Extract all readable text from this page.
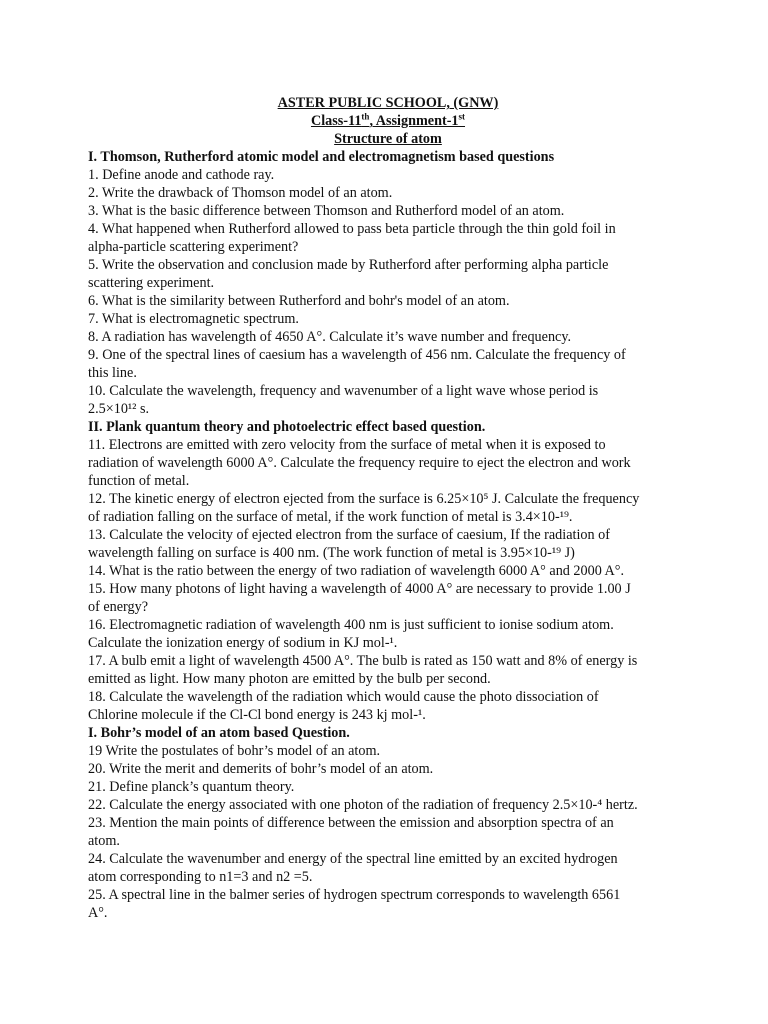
ASTER PUBLIC SCHOOL, (GNW)
Class-11th, Assignment-1st
Structure of atom
I. Thomson, Rutherford atomic model and electromagnetism based questions
1. Define anode and cathode ray.
2. Write the drawback of Thomson model of an atom.
3. What is the basic difference between Thomson and Rutherford model of an atom.
4. What happened when Rutherford allowed to pass beta particle through the thin gold foil in
alpha-particle scattering experiment?
5. Write the observation and conclusion made by Rutherford after performing alpha particle
scattering experiment.
6. What is the similarity between Rutherford and bohr's model of an atom.
7. What is electromagnetic spectrum.
8. A radiation has wavelength of 4650 A°. Calculate it’s wave number and frequency.
9. One of the spectral lines of caesium has a wavelength of 456 nm. Calculate the frequency of
this line.
10. Calculate the wavelength, frequency and wavenumber of a light wave whose period is
2.5×10¹² s.
II. Plank quantum theory and photoelectric effect based question.
11. Electrons are emitted with zero velocity from the surface of metal when it is exposed to
radiation of wavelength 6000 A°. Calculate the frequency require to eject the electron and work
function of metal.
12. The kinetic energy of electron ejected from the surface is 6.25×10⁵ J. Calculate the frequency
of radiation falling on the surface of metal, if the work function of metal is 3.4×10-¹⁹.
13. Calculate the velocity of ejected electron from the surface of caesium, If the radiation of
wavelength falling on surface is 400 nm. (The work function of metal is 3.95×10-¹⁹ J)
14. What is the ratio between the energy of two radiation of wavelength 6000 A° and 2000 A°.
15. How many photons of light having a wavelength of 4000 A° are necessary to provide 1.00 J
of energy?
16. Electromagnetic radiation of wavelength 400 nm is just sufficient to ionise sodium atom.
Calculate the ionization energy of sodium in KJ mol-¹.
17. A bulb emit a light of wavelength 4500 A°. The bulb is rated as 150 watt and 8% of energy is
emitted as light. How many photon are emitted by the bulb per second.
18. Calculate the wavelength of the radiation which would cause the photo dissociation of
Chlorine molecule if the Cl-Cl bond energy is 243 kj mol-¹.
I. Bohr’s model of an atom based Question.
19 Write the postulates of bohr’s model of an atom.
20. Write the merit and demerits of bohr’s model of an atom.
21. Define planck’s quantum theory.
22. Calculate the energy associated with one photon of the radiation of frequency 2.5×10-⁴ hertz.
23. Mention the main points of difference between the emission and absorption spectra of an
atom.
24. Calculate the wavenumber and energy of the spectral line emitted by an excited hydrogen
atom corresponding to n1=3 and n2 =5.
25. A spectral line in the balmer series of hydrogen spectrum corresponds to wavelength 6561
A°.
